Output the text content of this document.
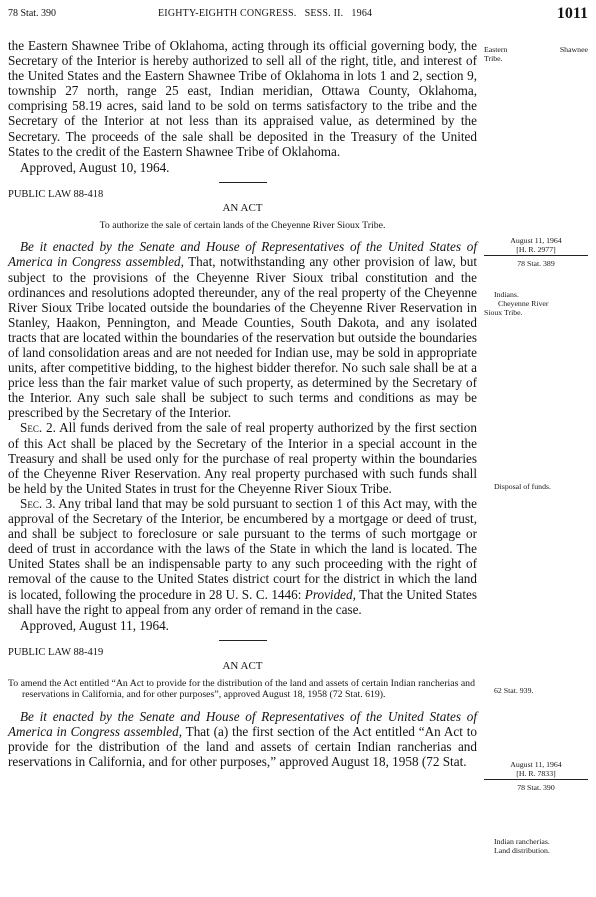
78 Stat. 390	EIGHTY-EIGHTH CONGRESS.   SESS. II.   1964	1011

the Eastern Shawnee Tribe of Oklahoma, acting through its official governing body, the Secretary of the Interior is hereby authorized to sell all of the right, title, and interest of the United States and the Eastern Shawnee Tribe of Oklahoma in lots 1 and 2, section 9, township 27 north, range 25 east, Indian meridian, Ottawa County, Oklahoma, comprising 58.19 acres, said land to be sold on terms satisfactory to the tribe and the Secretary of the Interior at not less than its appraised value, as determined by the Secretary. The proceeds of the sale shall be deposited in the Treasury of the United States to the credit of the Eastern Shawnee Tribe of Oklahoma.

Approved, August 10, 1964.

PUBLIC LAW 88-418
AN ACT
To authorize the sale of certain lands of the Cheyenne River Sioux Tribe.

Be it enacted by the Senate and House of Representatives of the United States of America in Congress assembled, That, notwithstanding any other provision of law, but subject to the provisions of the Cheyenne River Sioux tribal constitution and the ordinances and resolutions adopted thereunder, any of the real property of the Cheyenne River Sioux Tribe located outside the boundaries of the Cheyenne River Reservation in Stanley, Haakon, Pennington, and Meade Counties, South Dakota, and any isolated tracts that are located within the boundaries of the reservation but outside the boundaries of land consolidation areas and are not needed for Indian use, may be sold in appropriate units, after competitive bidding, to the highest bidder therefor. No such sale shall be at a price less than the fair market value of such property, as determined by the Secretary of the Interior. Any such sale shall be subject to such terms and conditions as may be prescribed by the Secretary of the Interior.

Sec. 2. All funds derived from the sale of real property authorized by the first section of this Act shall be placed by the Secretary of the Interior in a special account in the Treasury and shall be used only for the purchase of real property within the boundaries of the Cheyenne River Reservation. Any real property purchased with such funds shall be held by the United States in trust for the Cheyenne River Sioux Tribe.

Sec. 3. Any tribal land that may be sold pursuant to section 1 of this Act may, with the approval of the Secretary of the Interior, be encumbered by a mortgage or deed of trust, and shall be subject to foreclosure or sale pursuant to the terms of such mortgage or deed of trust in accordance with the laws of the State in which the land is located. The United States shall be an indispensable party to any such proceeding with the right of removal of the cause to the United States district court for the district in which the land is located, following the procedure in 28 U. S. C. 1446: Provided, That the United States shall have the right to appeal from any order of remand in the case.

Approved, August 11, 1964.

PUBLIC LAW 88-419
AN ACT
To amend the Act entitled “An Act to provide for the distribution of the land and assets of certain Indian rancherias and reservations in California, and for other purposes”, approved August 18, 1958 (72 Stat. 619).

Be it enacted by the Senate and House of Representatives of the United States of America in Congress assembled, That (a) the first section of the Act entitled “An Act to provide for the distribution of the land and assets of certain Indian rancherias and reservations in California, and for other purposes,” approved August 18, 1958 (72 Stat.

Eastern  Shawnee
Tribe.
August 11, 1964
[H. R. 2977]
78 Stat. 389
Indians.
Cheyenne River
Sioux Tribe.
Disposal of funds.
62 Stat. 939.
August 11, 1964
[H. R. 7833]
78 Stat. 390
Indian rancherias.
Land distribution.
